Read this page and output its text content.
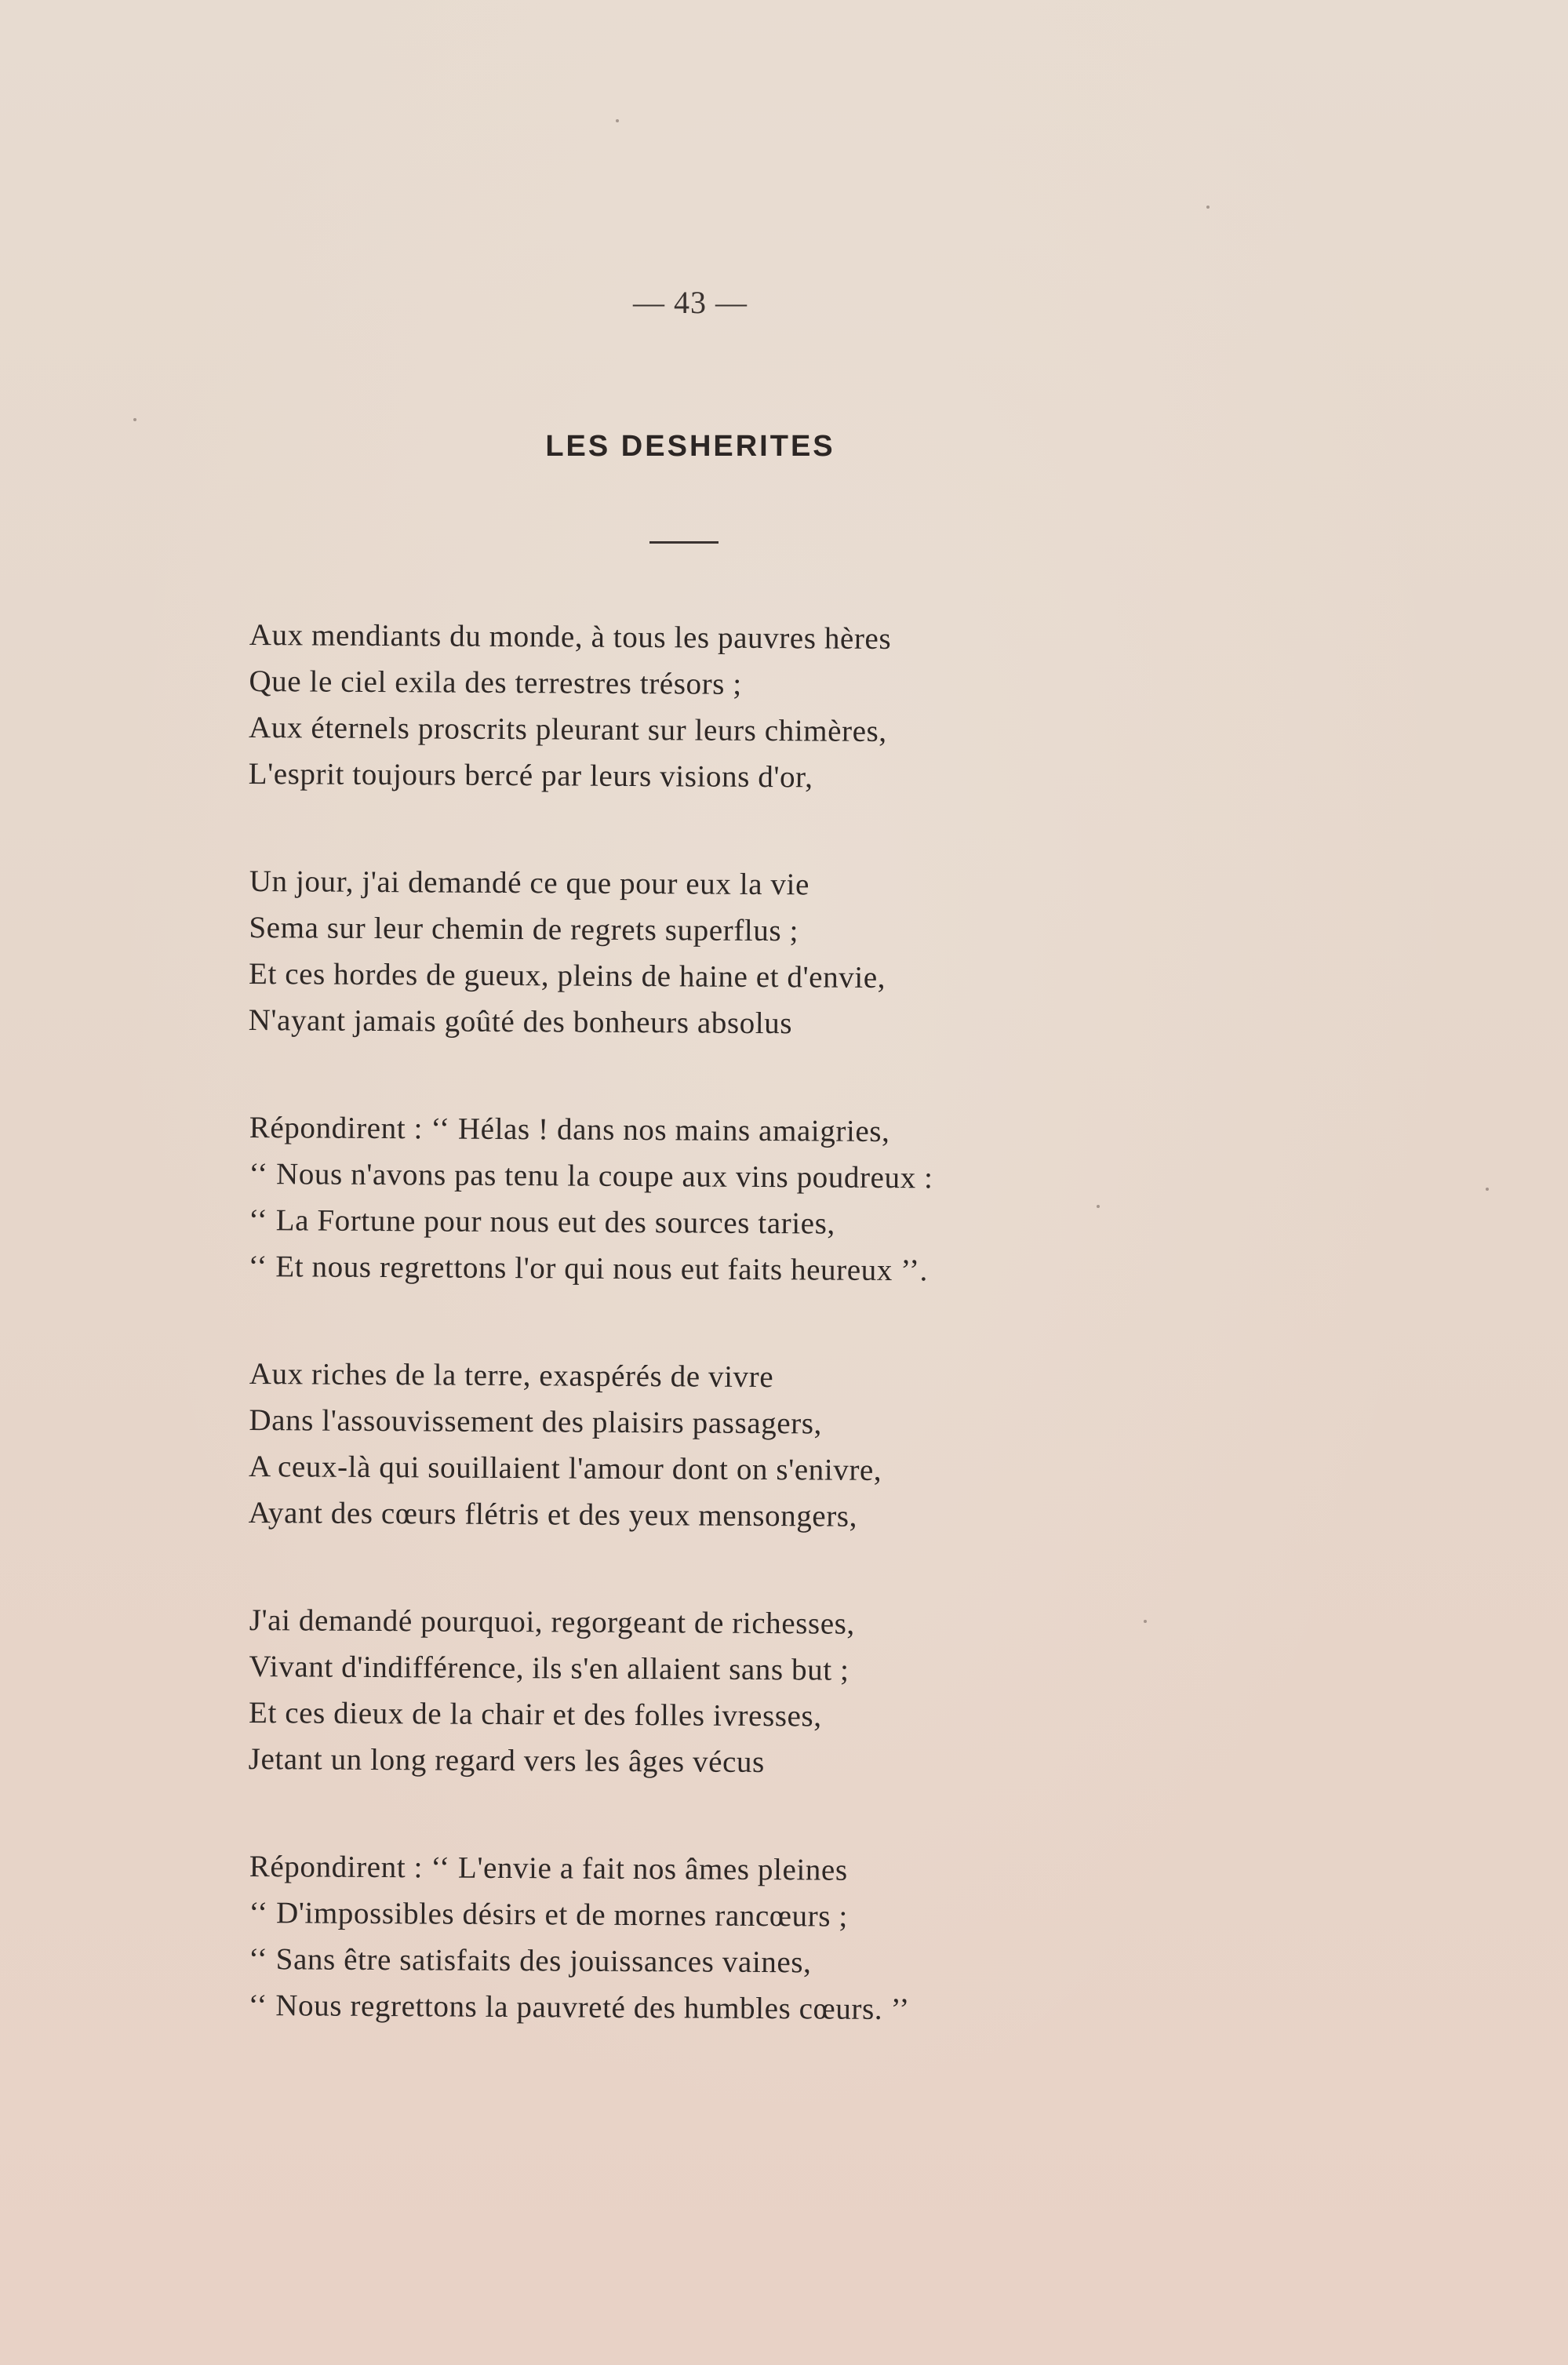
— 43 —
LES DESHERITES
Aux mendiants du monde, à tous les pauvres hères
Que le ciel exila des terrestres trésors ;
Aux éternels proscrits pleurant sur leurs chimères,
L'esprit toujours bercé par leurs visions d'or,
Un jour, j'ai demandé ce que pour eux la vie
Sema sur leur chemin de regrets superflus ;
Et ces hordes de gueux, pleins de haine et d'envie,
N'ayant jamais goûté des bonheurs absolus
Répondirent : ‘‘ Hélas ! dans nos mains amaigries,
‘‘ Nous n'avons pas tenu la coupe aux vins poudreux :
‘‘ La Fortune pour nous eut des sources taries,
‘‘ Et nous regrettons l'or qui nous eut faits heureux ’’.
Aux riches de la terre, exaspérés de vivre
Dans l'assouvissement des plaisirs passagers,
A ceux-là qui souillaient l'amour dont on s'enivre,
Ayant des cœurs flétris et des yeux mensongers,
J'ai demandé pourquoi, regorgeant de richesses,
Vivant d'indifférence, ils s'en allaient sans but ;
Et ces dieux de la chair et des folles ivresses,
Jetant un long regard vers les âges vécus
Répondirent : ‘‘ L'envie a fait nos âmes pleines
‘‘ D'impossibles désirs et de mornes rancœurs ;
‘‘ Sans être satisfaits des jouissances vaines,
‘‘ Nous regrettons la pauvreté des humbles cœurs. ’’
